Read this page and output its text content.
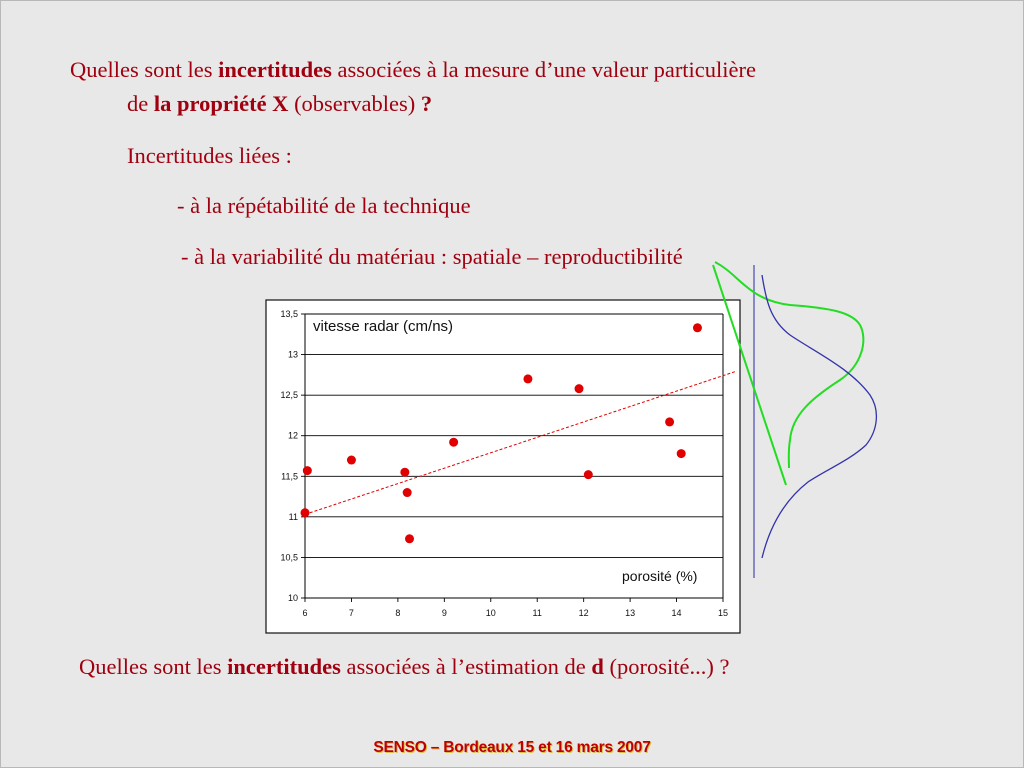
Quelles sont les incertitudes associées à la mesure d’une valeur particulière
de la propriété X (observables) ?
Incertitudes liées :
- à la répétabilité de la technique
- à la variabilité du matériau : spatiale – reproductibilité
Quelles sont les incertitudes associées à l’estimation de d (porosité...) ?
SENSO – Bordeaux 15 et 16 mars 2007
10
10,5
11
11,5
12
12,5
13
13,5
6	7	8	9	10	11	12	13	14	15
vitesse radar (cm/ns)
porosité (%)
